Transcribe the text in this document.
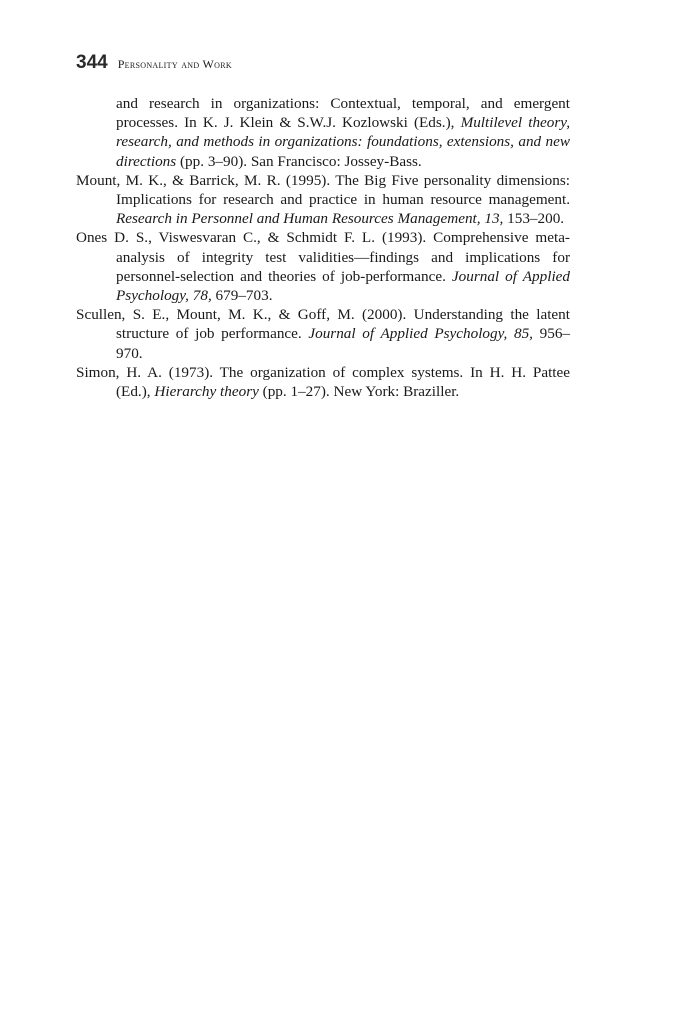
344 Personality and Work

and research in organizations: Contextual, temporal, and emergent processes. In K. J. Klein & S.W.J. Kozlowski (Eds.), Multilevel theory, research, and methods in organizations: foundations, extensions, and new directions (pp. 3–90). San Francisco: Jossey-Bass.

Mount, M. K., & Barrick, M. R. (1995). The Big Five personality dimensions: Implications for research and practice in human resource management. Research in Personnel and Human Resources Management, 13, 153–200.

Ones D. S., Viswesvaran C., & Schmidt F. L. (1993). Comprehensive meta-analysis of integrity test validities—findings and implications for personnel-selection and theories of job-performance. Journal of Applied Psychology, 78, 679–703.

Scullen, S. E., Mount, M. K., & Goff, M. (2000). Understanding the latent structure of job performance. Journal of Applied Psychology, 85, 956–970.

Simon, H. A. (1973). The organization of complex systems. In H. H. Pattee (Ed.), Hierarchy theory (pp. 1–27). New York: Braziller.
